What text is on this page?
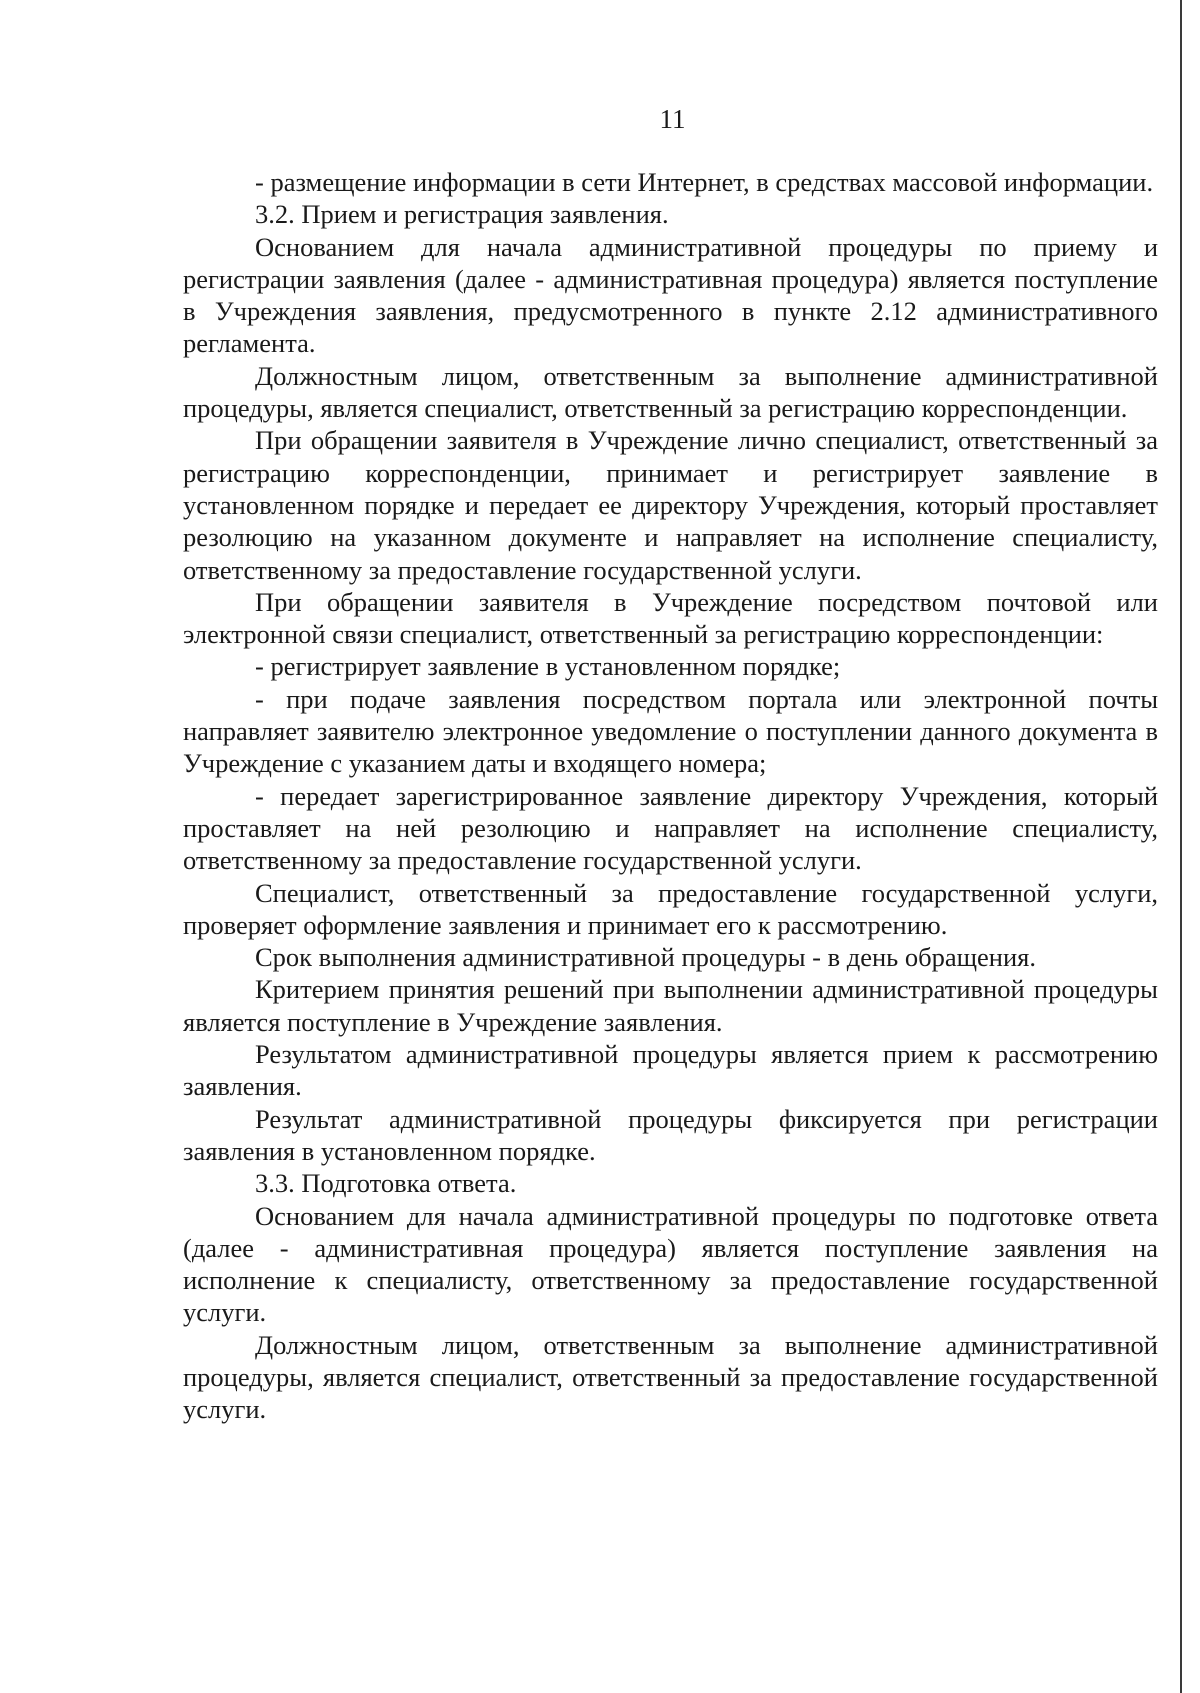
11

- размещение информации в сети Интернет, в средствах массовой информации.

3.2. Прием и регистрация заявления.

Основанием для начала административной процедуры по приему и регистрации заявления (далее - административная процедура) является поступление в Учреждения заявления, предусмотренного в пункте 2.12 административного регламента.

Должностным лицом, ответственным за выполнение административной процедуры, является специалист, ответственный за регистрацию корреспонденции.

При обращении заявителя в Учреждение лично специалист, ответственный за регистрацию корреспонденции, принимает и регистрирует заявление в установленном порядке и передает ее директору Учреждения, который проставляет резолюцию на указанном документе и направляет на исполнение специалисту, ответственному за предоставление государственной услуги.

При обращении заявителя в Учреждение посредством почтовой или электронной связи специалист, ответственный за регистрацию корреспонденции:

- регистрирует заявление в установленном порядке;

- при подаче заявления посредством портала или электронной почты направляет заявителю электронное уведомление о поступлении данного документа в Учреждение с указанием даты и входящего номера;

- передает зарегистрированное заявление директору Учреждения, который проставляет на ней резолюцию и направляет на исполнение специалисту, ответственному за предоставление государственной услуги.

Специалист, ответственный за предоставление государственной услуги, проверяет оформление заявления и принимает его к рассмотрению.

Срок выполнения административной процедуры - в день обращения.

Критерием принятия решений при выполнении административной процедуры является поступление в Учреждение заявления.

Результатом административной процедуры является прием к рассмотрению заявления.

Результат административной процедуры фиксируется при регистрации заявления в установленном порядке.

3.3. Подготовка ответа.

Основанием для начала административной процедуры по подготовке ответа (далее - административная процедура) является поступление заявления на исполнение к специалисту, ответственному за предоставление государственной услуги.

Должностным лицом, ответственным за выполнение административной процедуры, является специалист, ответственный за предоставление государственной услуги.
